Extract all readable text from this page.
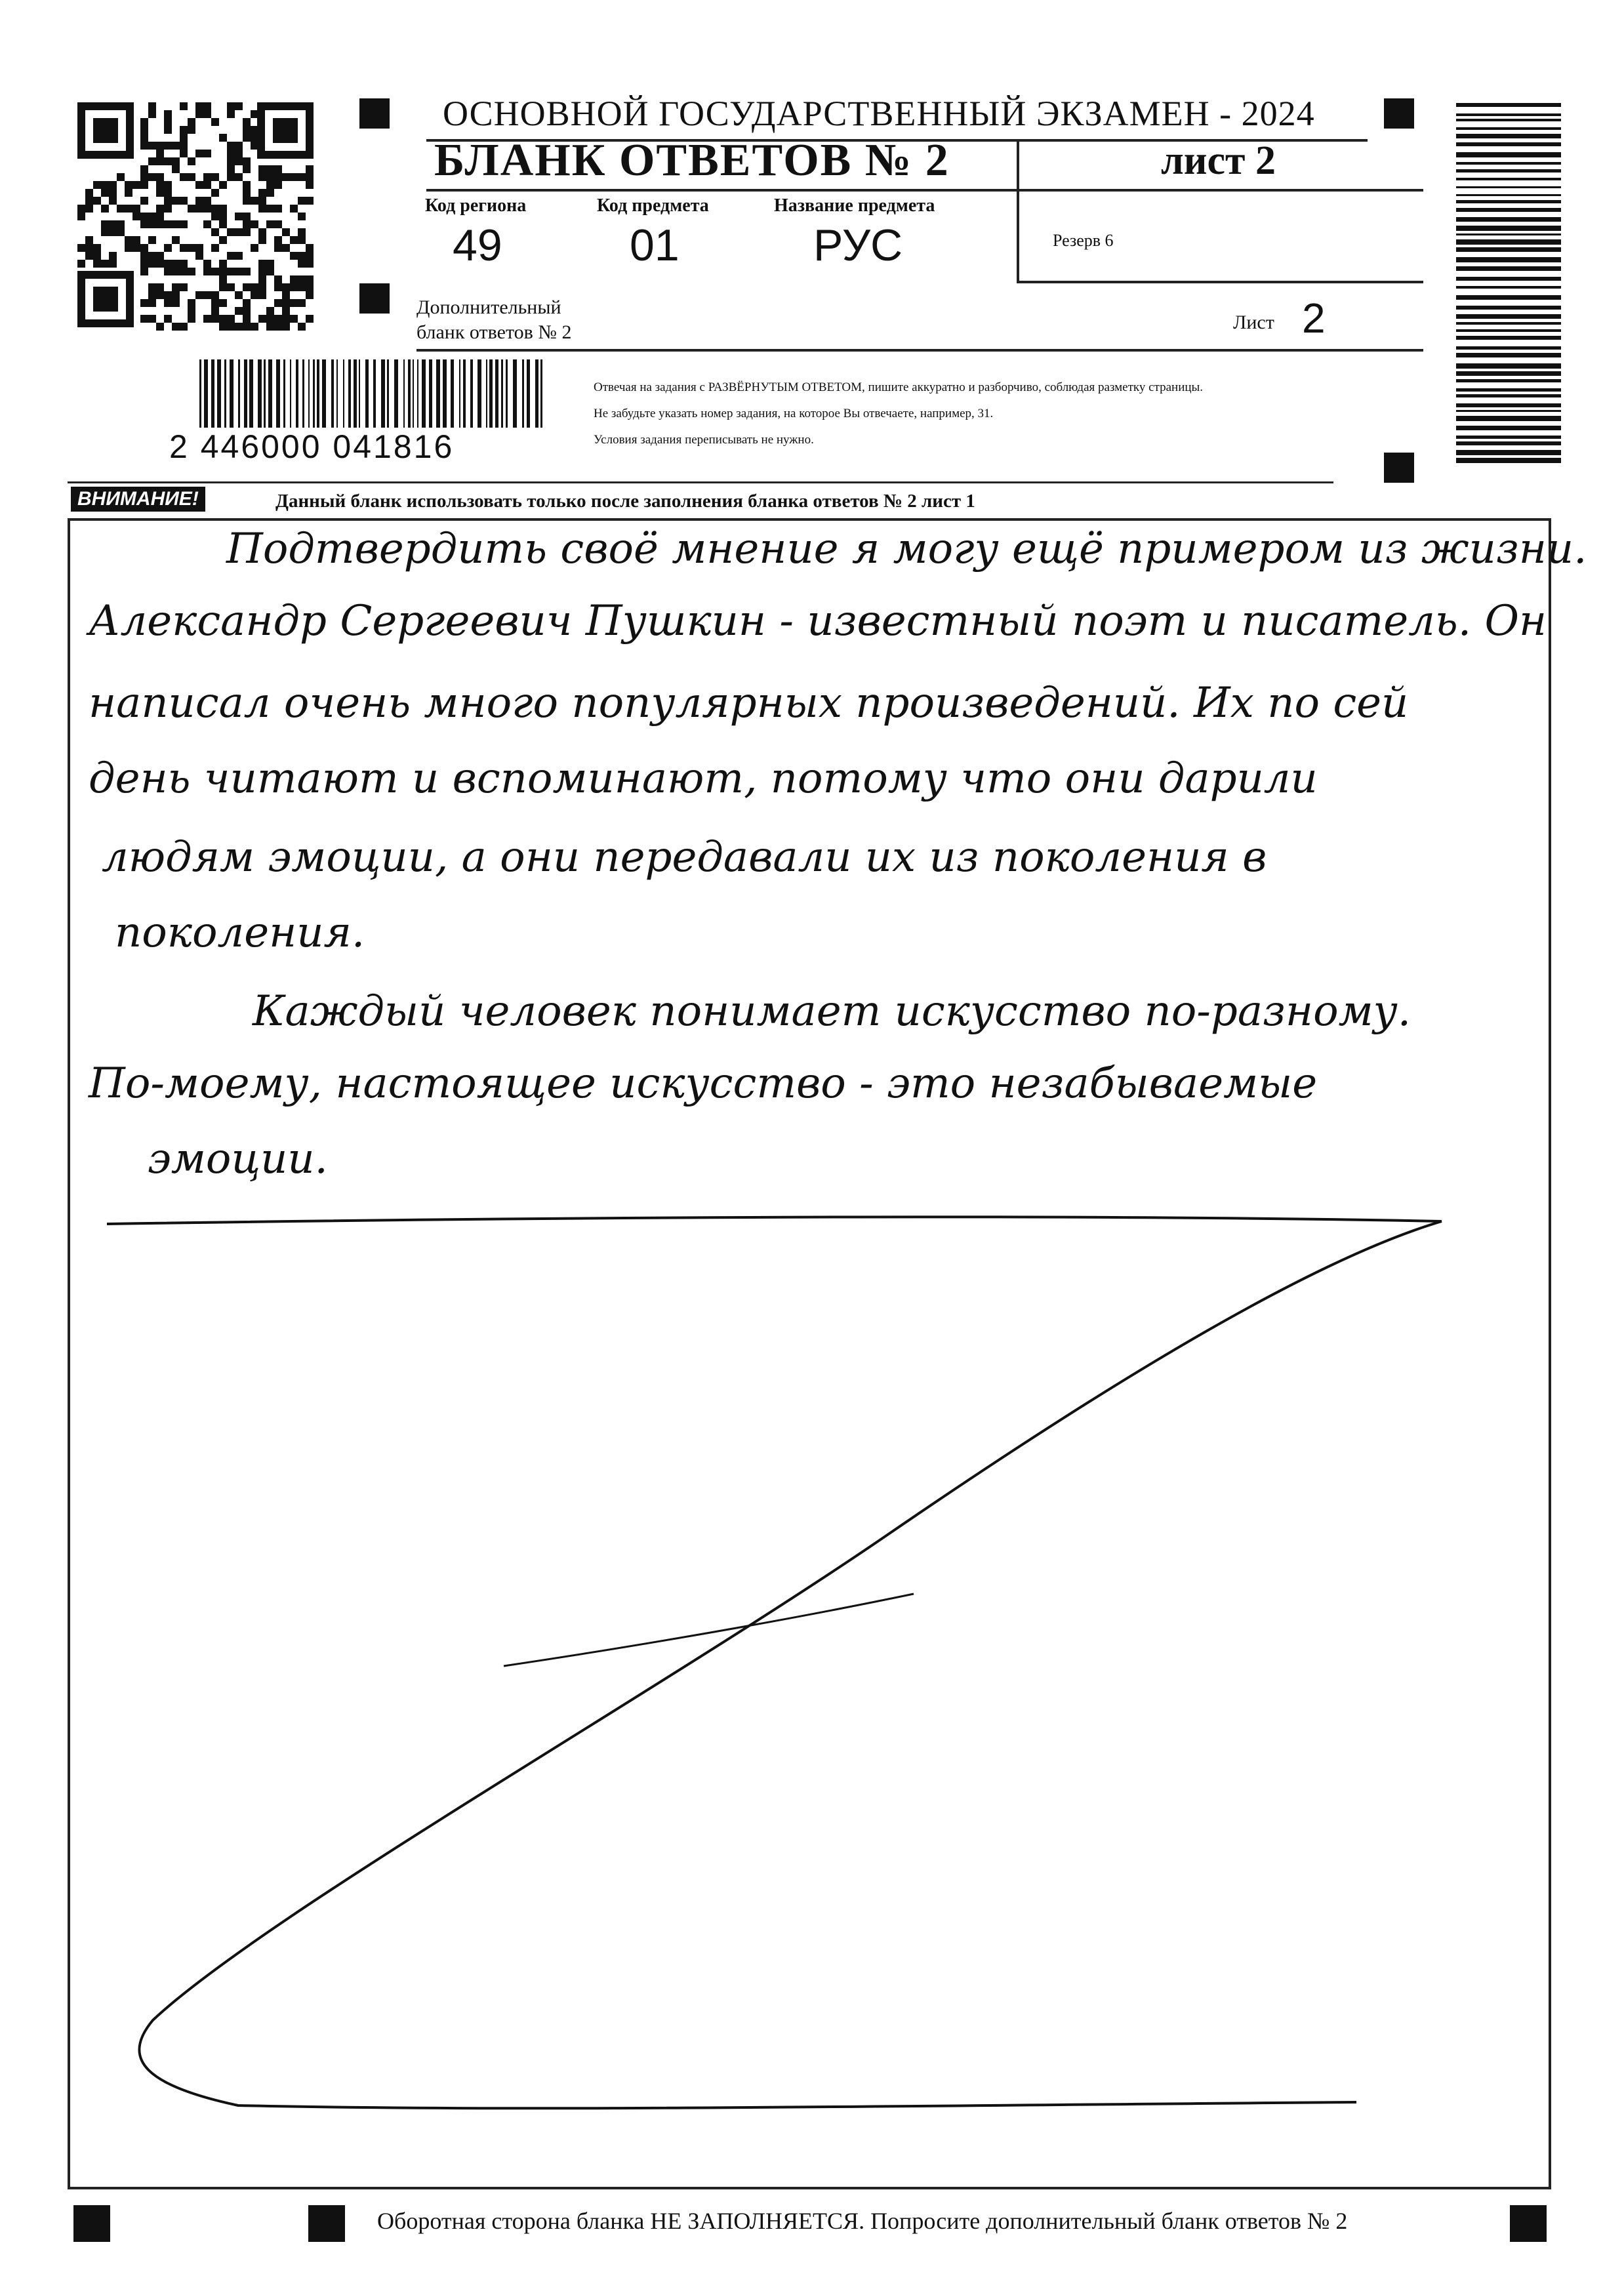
ОСНОВНОЙ ГОСУДАРСТВЕННЫЙ ЭКЗАМЕН - 2024
БЛАНК ОТВЕТОВ № 2	лист 2
Код региона
49
Код предмета
01
Название предмета
РУС	Резерв 6
Дополнительный
бланк ответов № 2	Лист 2
2 446000 041816
Отвечая на задания с РАЗВЁРНУТЫМ ОТВЕТОМ, пишите аккуратно и разборчиво, соблюдая разметку страницы.
Не забудьте указать номер задания, на которое Вы отвечаете, например, 31.
Условия задания переписывать не нужно.
ВНИМАНИЕ!	Данный бланк использовать только после заполнения бланка ответов № 2 лист 1
Подтвердить своё мнение я могу ещё примером из жизни.
Александр Сергеевич Пушкин - известный поэт и писатель. Он
написал очень много популярных произведений. Их по сей
день читают и вспоминают, потому что они дарили
людям эмоции, а они передавали их из поколения в
поколения.
Каждый человек понимает искусство по-разному.
По-моему, настоящее искусство - это незабываемые
эмоции.
Оборотная сторона бланка НЕ ЗАПОЛНЯЕТСЯ. Попросите дополнительный бланк ответов № 2
